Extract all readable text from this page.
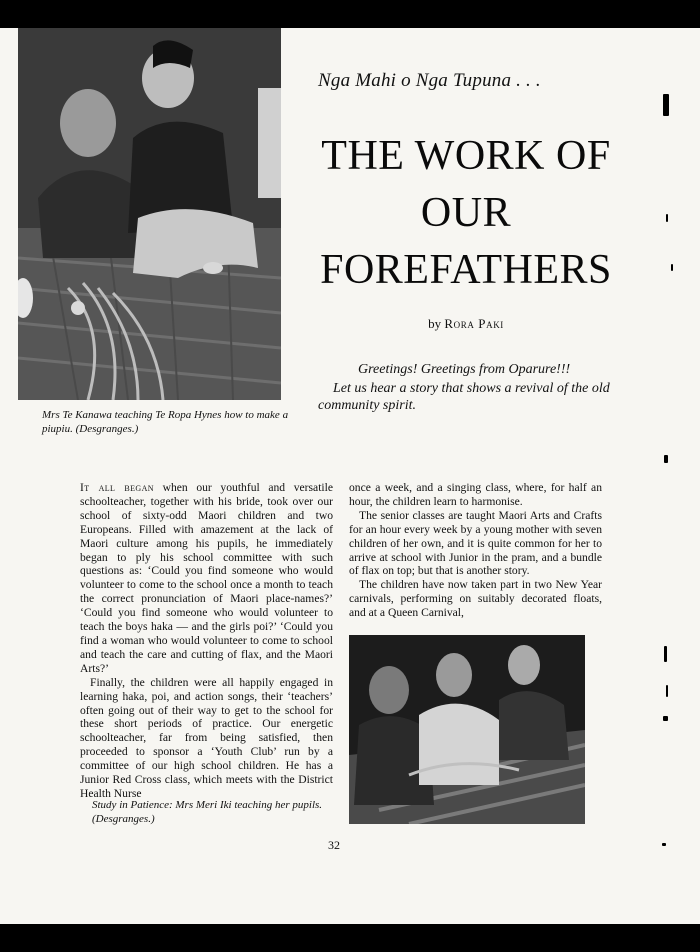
Nga Mahi o Nga Tupuna . . .
THE WORK OF
OUR
FOREFATHERS
by Rora Paki
Greetings! Greetings from Oparure!!!
Let us hear a story that shows a revival of the old community spirit.
Mrs Te Kanawa teaching Te Ropa Hynes how to make a piupiu. (Desgranges.)

It all began when our youthful and versatile schoolteacher, together with his bride, took over our school of sixty-odd Maori children and two Europeans. Filled with amazement at the lack of Maori culture among his pupils, he immediately began to ply his school committee with such questions as: ‘Could you find someone who would volunteer to come to the school once a month to teach the correct pronunciation of Maori place-names?’ ‘Could you find someone who would volunteer to teach the boys haka — and the girls poi?’ ‘Could you find a woman who would volunteer to come to school and teach the care and cutting of flax, and the Maori Arts?’

Finally, the children were all happily engaged in learning haka, poi, and action songs, their ‘teachers’ often going out of their way to get to the school for these short periods of practice. Our energetic schoolteacher, far from being satisfied, then proceeded to sponsor a ‘Youth Club’ run by a committee of our high school children. He has a Junior Red Cross class, which meets with the District Health Nurse

Study in Patience: Mrs Meri Iki teaching her pupils. (Desgranges.)

once a week, and a singing class, where, for half an hour, the children learn to harmonise.

The senior classes are taught Maori Arts and Crafts for an hour every week by a young mother with seven children of her own, and it is quite common for her to arrive at school with Junior in the pram, and a bundle of flax on top; but that is another story.

The children have now taken part in two New Year carnivals, performing on suitably decorated floats, and at a Queen Carnival,

32
